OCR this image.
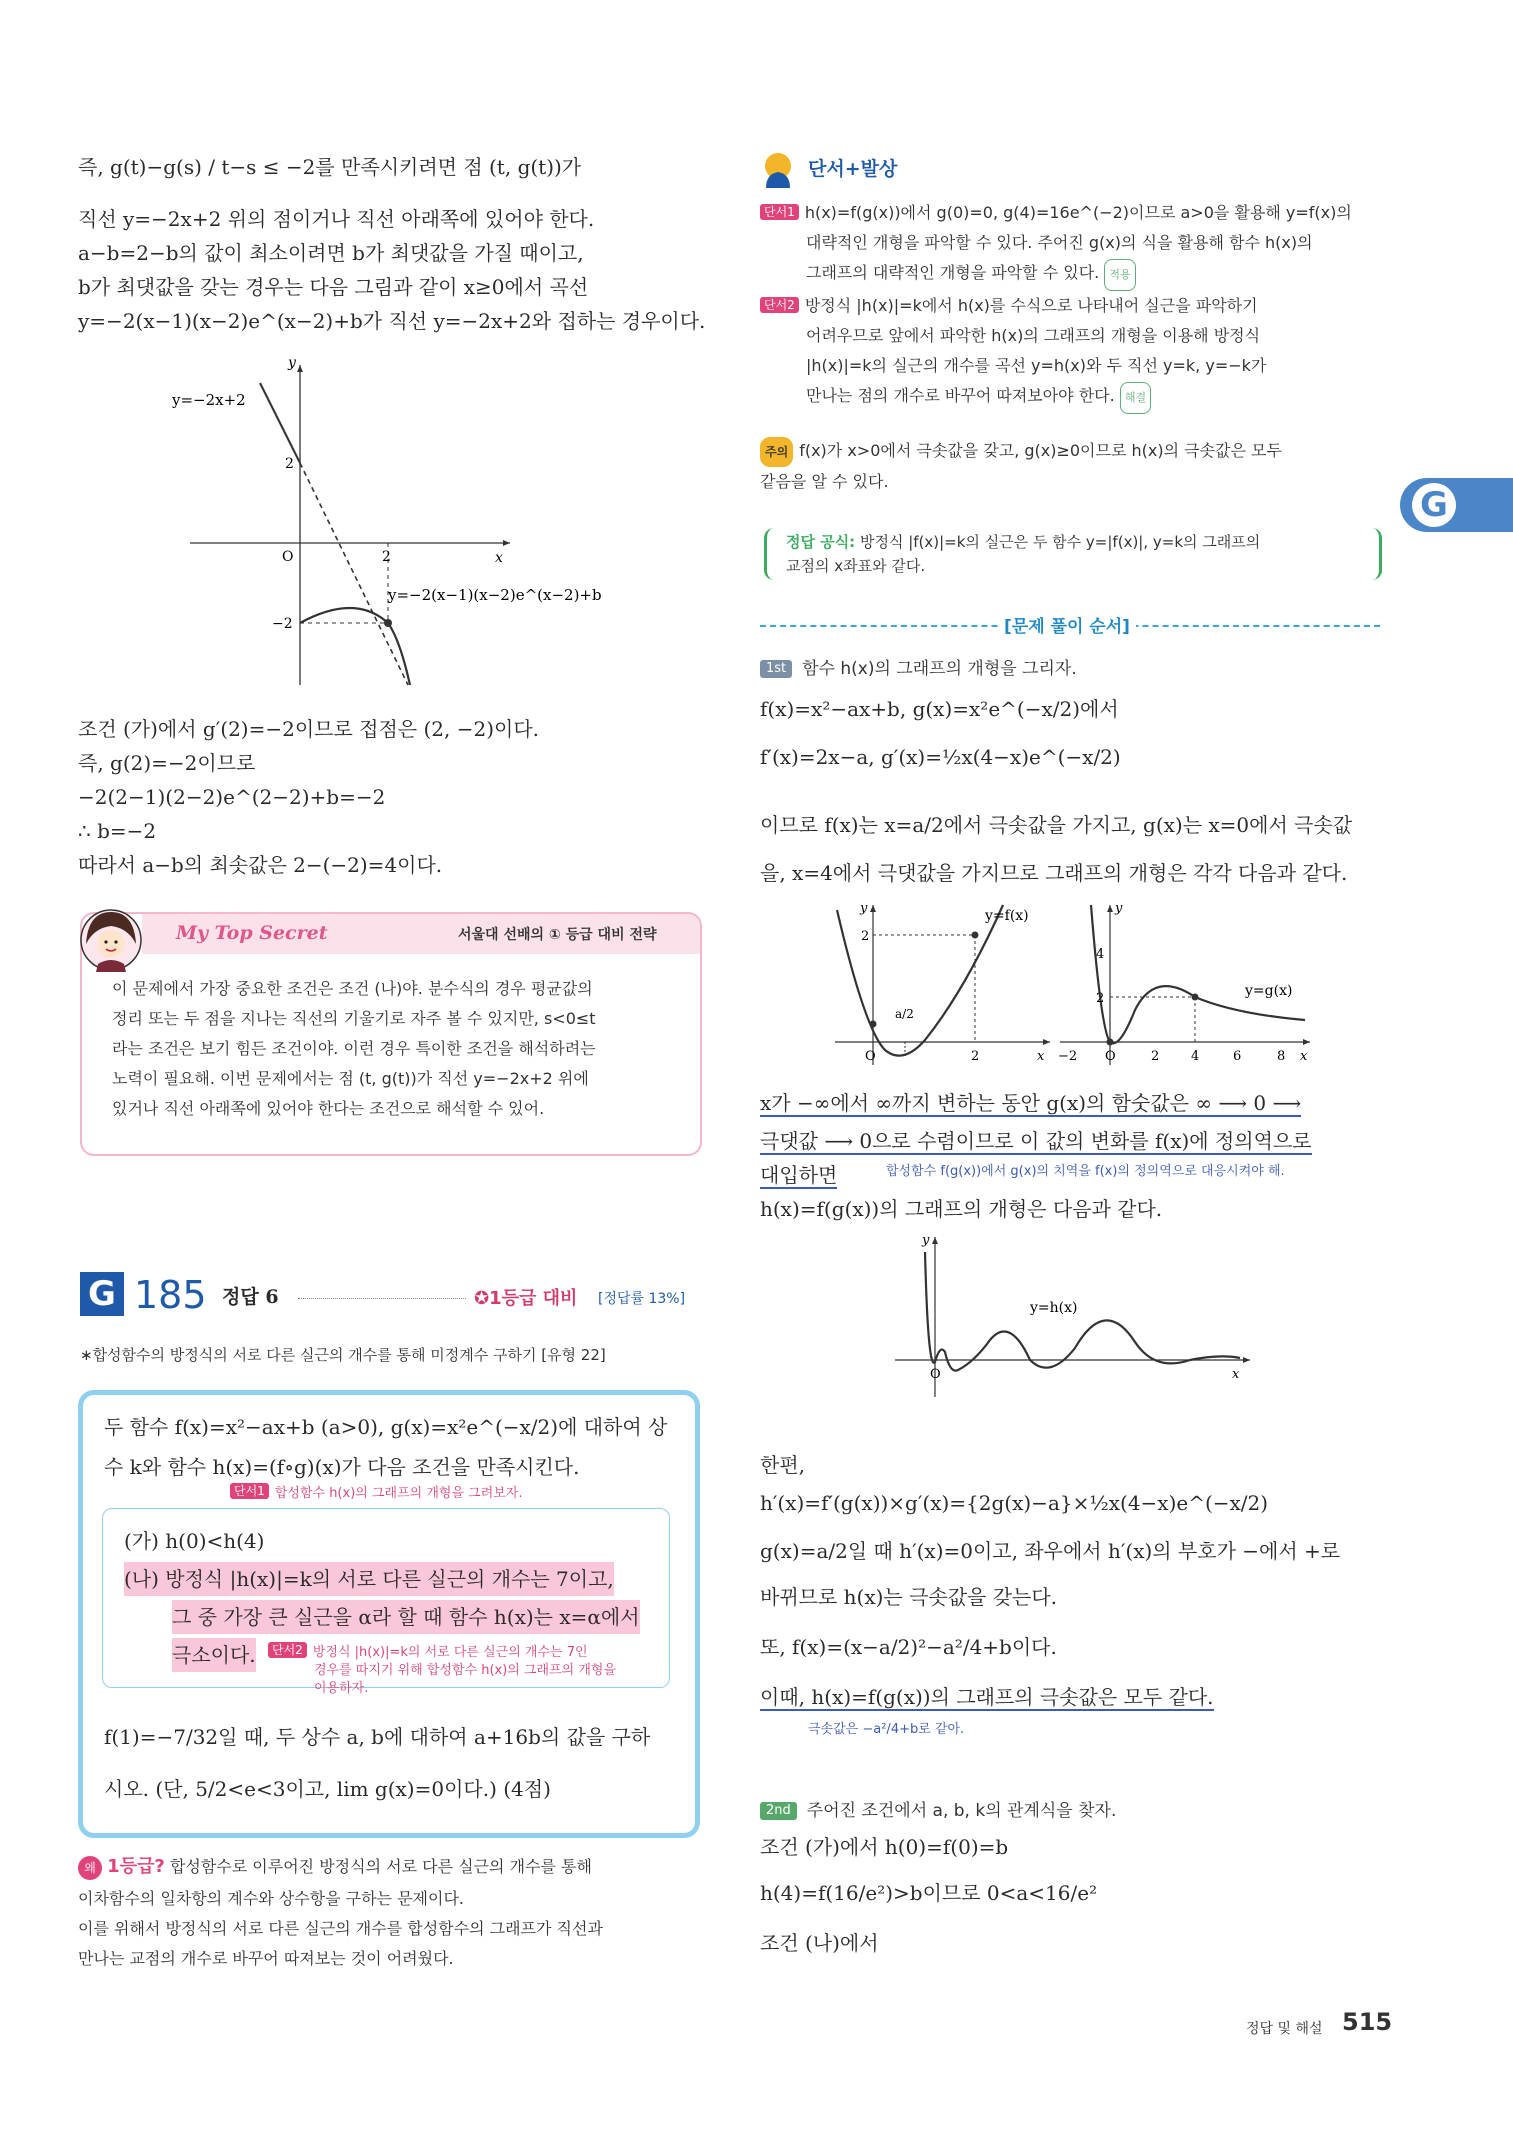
즉, g(t)−g(s) / t−s ≤ −2를 만족시키려면 점 (t, g(t))가
직선 y=−2x+2 위의 점이거나 직선 아래쪽에 있어야 한다.
a−b=2−b의 값이 최소이려면 b가 최댓값을 가질 때이고,
b가 최댓값을 갖는 경우는 다음 그림과 같이 x≥0에서 곡선
y=−2(x−1)(x−2)e^(x−2)+b가 직선 y=−2x+2와 접하는 경우이다.
y=−2x+2
y=−2(x−1)(x−2)e^(x−2)+b
y
x
O
2
2
−2
조건 (가)에서 g′(2)=−2이므로 접점은 (2, −2)이다.
즉, g(2)=−2이므로
−2(2−1)(2−2)e^(2−2)+b=−2
∴ b=−2
따라서 a−b의 최솟값은 2−(−2)=4이다.
My Top Secret	서울대 선배의 ① 등급 대비 전략
이 문제에서 가장 중요한 조건은 조건 (나)야. 분수식의 경우 평균값의
정리 또는 두 점을 지나는 직선의 기울기로 자주 볼 수 있지만, s<0≤t
라는 조건은 보기 힘든 조건이야. 이런 경우 특이한 조건을 해석하려는
노력이 필요해. 이번 문제에서는 점 (t, g(t))가 직선 y=−2x+2 위에
있거나 직선 아래쪽에 있어야 한다는 조건으로 해석할 수 있어.
G 185 정답 6	✪1등급 대비 [정답률 13%]
∗합성함수의 방정식의 서로 다른 실근의 개수를 통해 미정계수 구하기 [유형 22]
두 함수 f(x)=x²−ax+b (a>0), g(x)=x²e^(−x/2)에 대하여 상
수 k와 함수 h(x)=(f∘g)(x)가 다음 조건을 만족시킨다.
단서1 합성함수 h(x)의 그래프의 개형을 그려보자.
(가) h(0)<h(4)
(나) 방정식 |h(x)|=k의 서로 다른 실근의 개수는 7이고,
그 중 가장 큰 실근을 α라 할 때 함수 h(x)는 x=α에서
극소이다.	단서2 방정식 |h(x)|=k의 서로 다른 실근의 개수는 7인
경우를 따지기 위해 합성함수 h(x)의 그래프의 개형을
이용하자.
f(1)=−7/32일 때, 두 상수 a, b에 대하여 a+16b의 값을 구하
시오. (단, 5/2<e<3이고, lim g(x)=0이다.) (4점)
왜 1등급? 합성함수로 이루어진 방정식의 서로 다른 실근의 개수를 통해
이차함수의 일차항의 계수와 상수항을 구하는 문제이다.
이를 위해서 방정식의 서로 다른 실근의 개수를 합성함수의 그래프가 직선과
만나는 교점의 개수로 바꾸어 따져보는 것이 어려웠다.
단서+발상
단서1 h(x)=f(g(x))에서 g(0)=0, g(4)=16e^(−2)이므로 a>0을 활용해 y=f(x)의
대략적인 개형을 파악할 수 있다. 주어진 g(x)의 식을 활용해 함수 h(x)의
그래프의 대략적인 개형을 파악할 수 있다. 적용
단서2 방정식 |h(x)|=k에서 h(x)를 수식으로 나타내어 실근을 파악하기
어려우므로 앞에서 파악한 h(x)의 그래프의 개형을 이용해 방정식
|h(x)|=k의 실근의 개수를 곡선 y=h(x)와 두 직선 y=k, y=−k가
만나는 점의 개수로 바꾸어 따져보아야 한다. 해결
주의 f(x)가 x>0에서 극솟값을 갖고, g(x)≥0이므로 h(x)의 극솟값은 모두
같음을 알 수 있다.
정답 공식: 방정식 |f(x)|=k의 실근은 두 함수 y=|f(x)|, y=k의 그래프의
교점의 x좌표와 같다.
[문제 풀이 순서]
1st 함수 h(x)의 그래프의 개형을 그리자.
f(x)=x²−ax+b, g(x)=x²e^(−x/2)에서
f′(x)=2x−a, g′(x)=½x(4−x)e^(−x/2)
이므로 f(x)는 x=a/2에서 극솟값을 가지고, g(x)는 x=0에서 극솟값
을, x=4에서 극댓값을 가지므로 그래프의 개형은 각각 다음과 같다.
y=f(x)
y
x
O
2
2
a/2
y=g(x)
y
x
O
−2	2 4	6	8
4
2
x가 −∞에서 ∞까지 변하는 동안 g(x)의 함숫값은 ∞ ⟶ 0 ⟶
극댓값 ⟶ 0으로 수렴이므로 이 값의 변화를 f(x)에 정의역으로
대입하면	합성함수 f(g(x))에서 g(x)의 치역을 f(x)의 정의역으로 대응시켜야 해.
h(x)=f(g(x))의 그래프의 개형은 다음과 같다.
y=h(x)
y
x
O
한편,
h′(x)=f′(g(x))×g′(x)={2g(x)−a}×½x(4−x)e^(−x/2)
g(x)=a/2일 때 h′(x)=0이고, 좌우에서 h′(x)의 부호가 −에서 +로
바뀌므로 h(x)는 극솟값을 갖는다.
또, f(x)=(x−a/2)²−a²/4+b이다.
이때, h(x)=f(g(x))의 그래프의 극솟값은 모두 같다.
극솟값은 −a²/4+b로 같아.
2nd 주어진 조건에서 a, b, k의 관계식을 찾자.
조건 (가)에서 h(0)=f(0)=b
h(4)=f(16/e²)>b이므로 0<a<16/e²
조건 (나)에서
G
정답 및 해설 515
